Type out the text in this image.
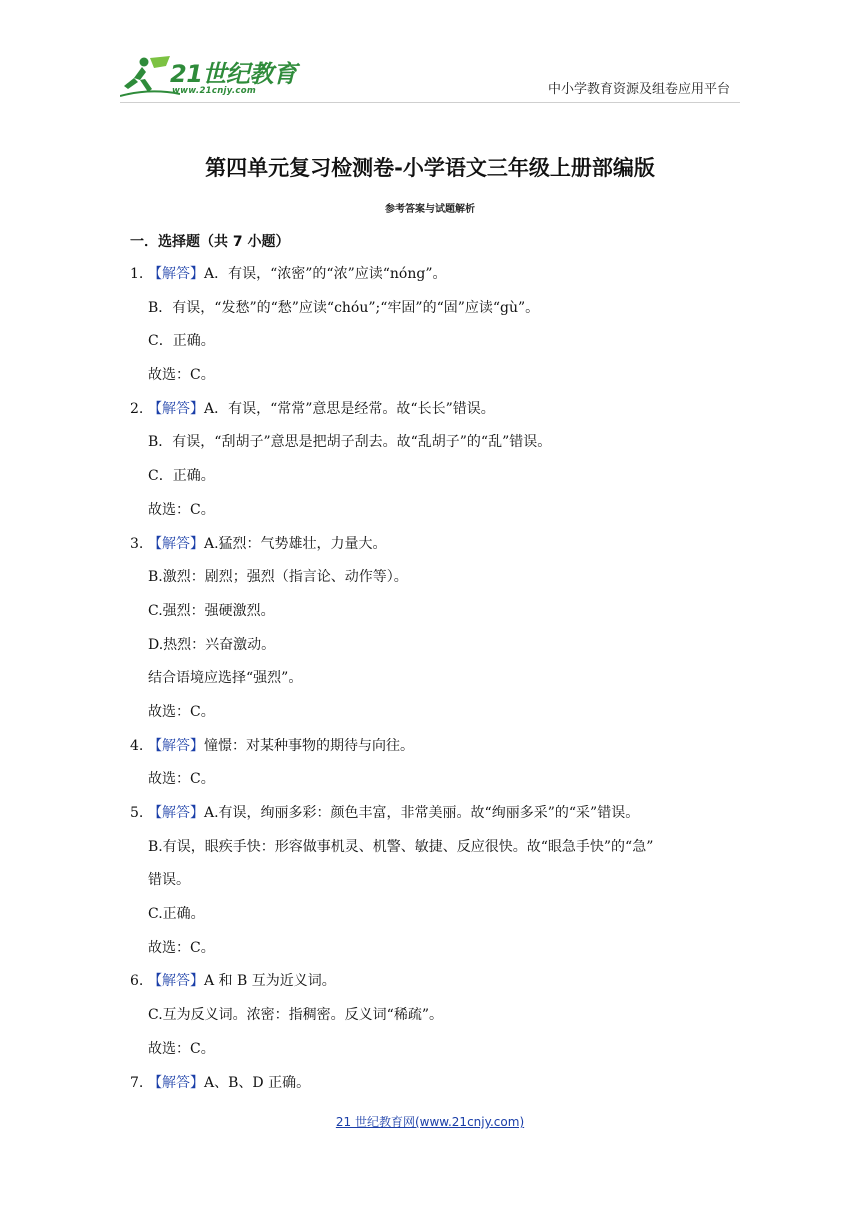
21世纪教育
www.21cnjy.com	中小学教育资源及组卷应用平台
第四单元复习检测卷-小学语文三年级上册部编版
参考答案与试题解析
一．选择题（共 7 小题）
1. 【解答】A．有误，“浓密”的“浓”应读“nóng”。
B．有误，“发愁”的“愁”应读“chóu”;“牢固”的“固”应读“gù”。
C．正确。
故选：C。
2. 【解答】A．有误，“常常”意思是经常。故“长长”错误。
B．有误，“刮胡子”意思是把胡子刮去。故“乱胡子”的“乱”错误。
C．正确。
故选：C。
3. 【解答】A.猛烈：气势雄壮，力量大。
B.激烈：剧烈；强烈（指言论、动作等）。
C.强烈：强硬激烈。
D.热烈：兴奋激动。
结合语境应选择“强烈”。
故选：C。
4. 【解答】憧憬：对某种事物的期待与向往。
故选：C。
5. 【解答】A.有误，绚丽多彩：颜色丰富，非常美丽。故“绚丽多采”的“采”错误。
B.有误，眼疾手快：形容做事机灵、机警、敏捷、反应很快。故“眼急手快”的“急”
错误。
C.正确。
故选：C。
6. 【解答】A 和 B 互为近义词。
C.互为反义词。浓密：指稠密。反义词“稀疏”。
故选：C。
7. 【解答】A、B、D 正确。
21 世纪教育网(www.21cnjy.com)
